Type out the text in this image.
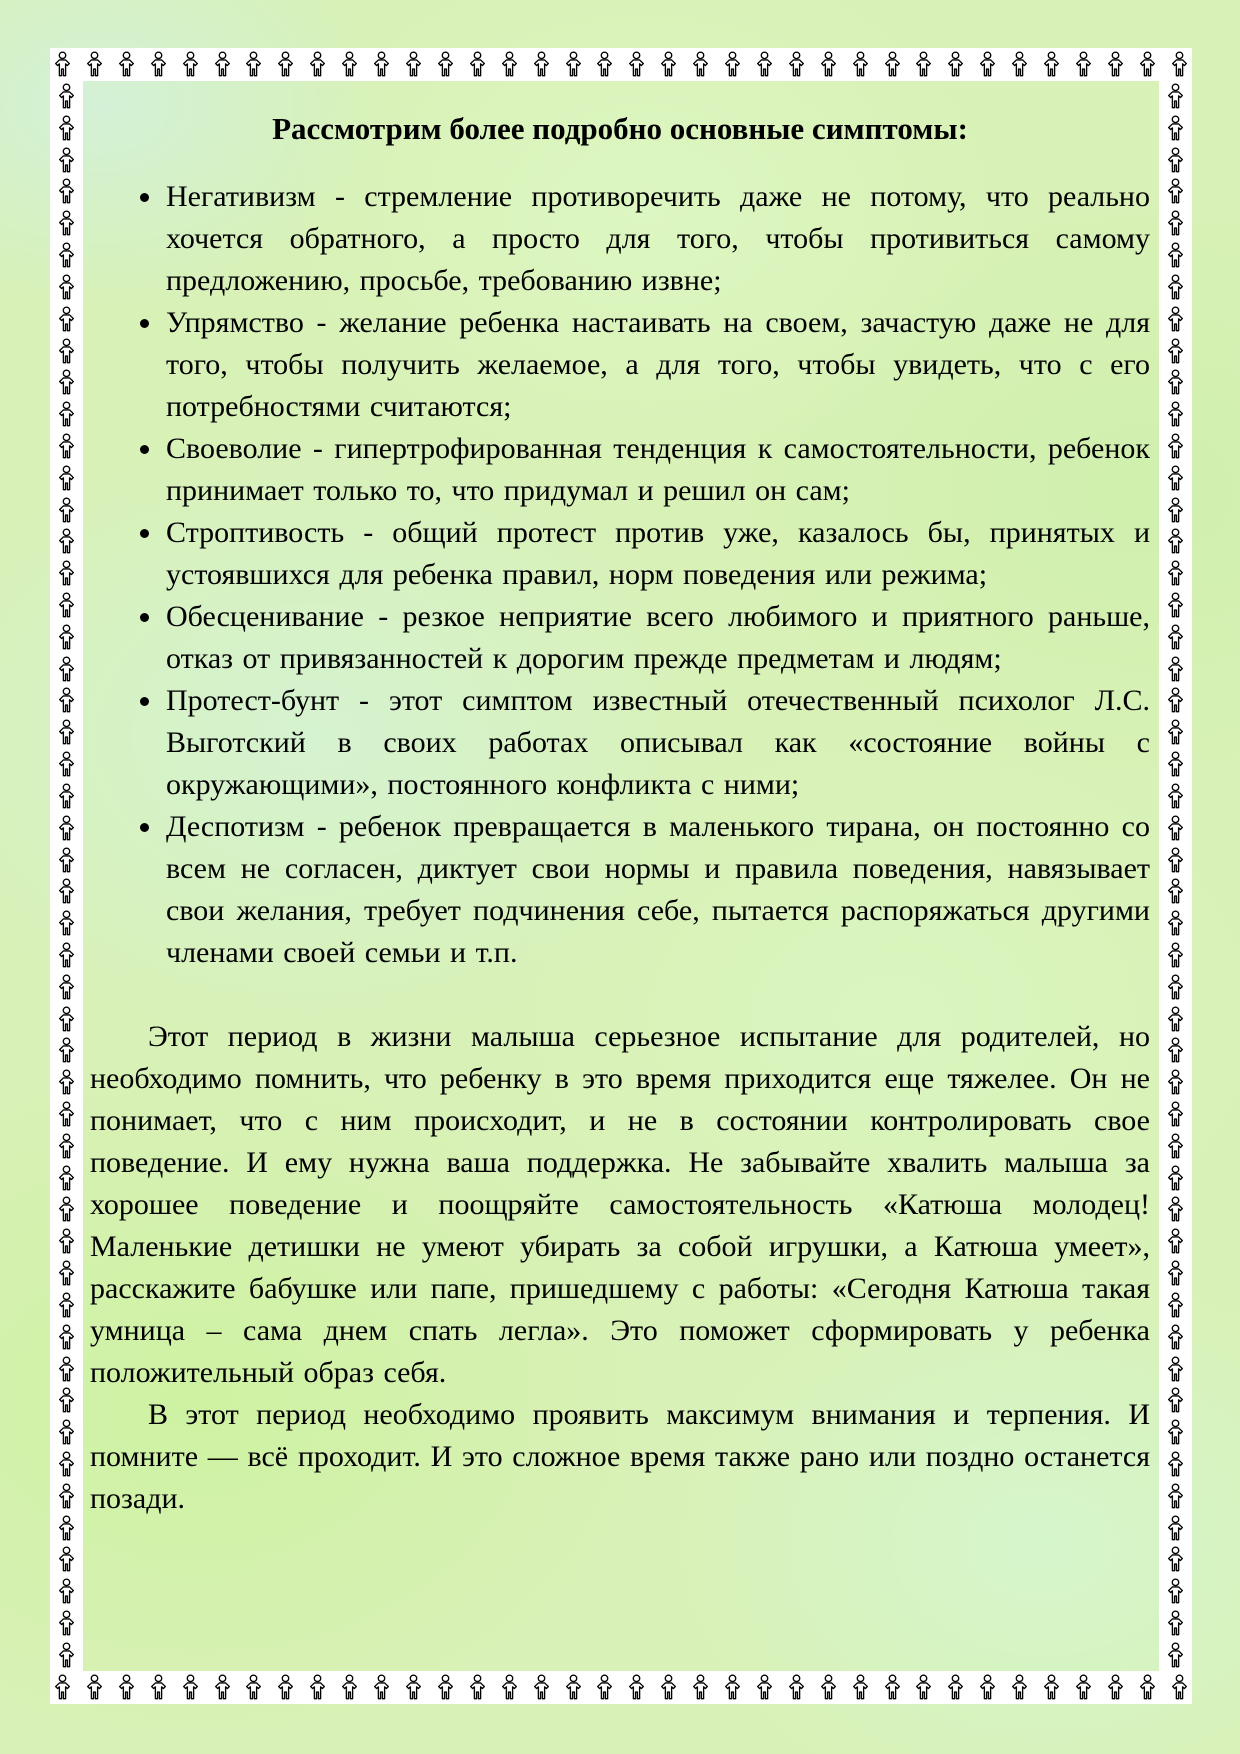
Рассмотрим более подробно основные симптомы:
• Негативизм - стремление противоречить даже не потому, что реально хочется обратного, а просто для того, чтобы противиться самому предложению, просьбе, требованию извне;
• Упрямство - желание ребенка настаивать на своем, зачастую даже не для того, чтобы получить желаемое, а для того, чтобы увидеть, что с его потребностями считаются;
• Своеволие - гипертрофированная тенденция к самостоятельности, ребенок принимает только то, что придумал и решил он сам;
• Строптивость - общий протест против уже, казалось бы, принятых и устоявшихся для ребенка правил, норм поведения или режима;
• Обесценивание - резкое неприятие всего любимого и приятного раньше, отказ от привязанностей к дорогим прежде предметам и людям;
• Протест-бунт - этот симптом известный отечественный психолог Л.С. Выготский в своих работах описывал как «состояние войны с окружающими», постоянного конфликта с ними;
• Деспотизм - ребенок превращается в маленького тирана, он постоянно со всем не согласен, диктует свои нормы и правила поведения, навязывает свои желания, требует подчинения себе, пытается распоряжаться другими членами своей семьи и т.п.

Этот период в жизни малыша серьезное испытание для родителей, но необходимо помнить, что ребенку в это время приходится еще тяжелее. Он не понимает, что с ним происходит, и не в состоянии контролировать свое поведение. И ему нужна ваша поддержка. Не забывайте хвалить малыша за хорошее поведение и поощряйте самостоятельность «Катюша молодец! Маленькие детишки не умеют убирать за собой игрушки, а Катюша умеет», расскажите бабушке или папе, пришедшему с работы: «Сегодня Катюша такая умница – сама днем спать легла». Это поможет сформировать у ребенка положительный образ себя.

В этот период необходимо проявить максимум внимания и терпения. И помните — всё проходит. И это сложное время также рано или поздно останется позади.
